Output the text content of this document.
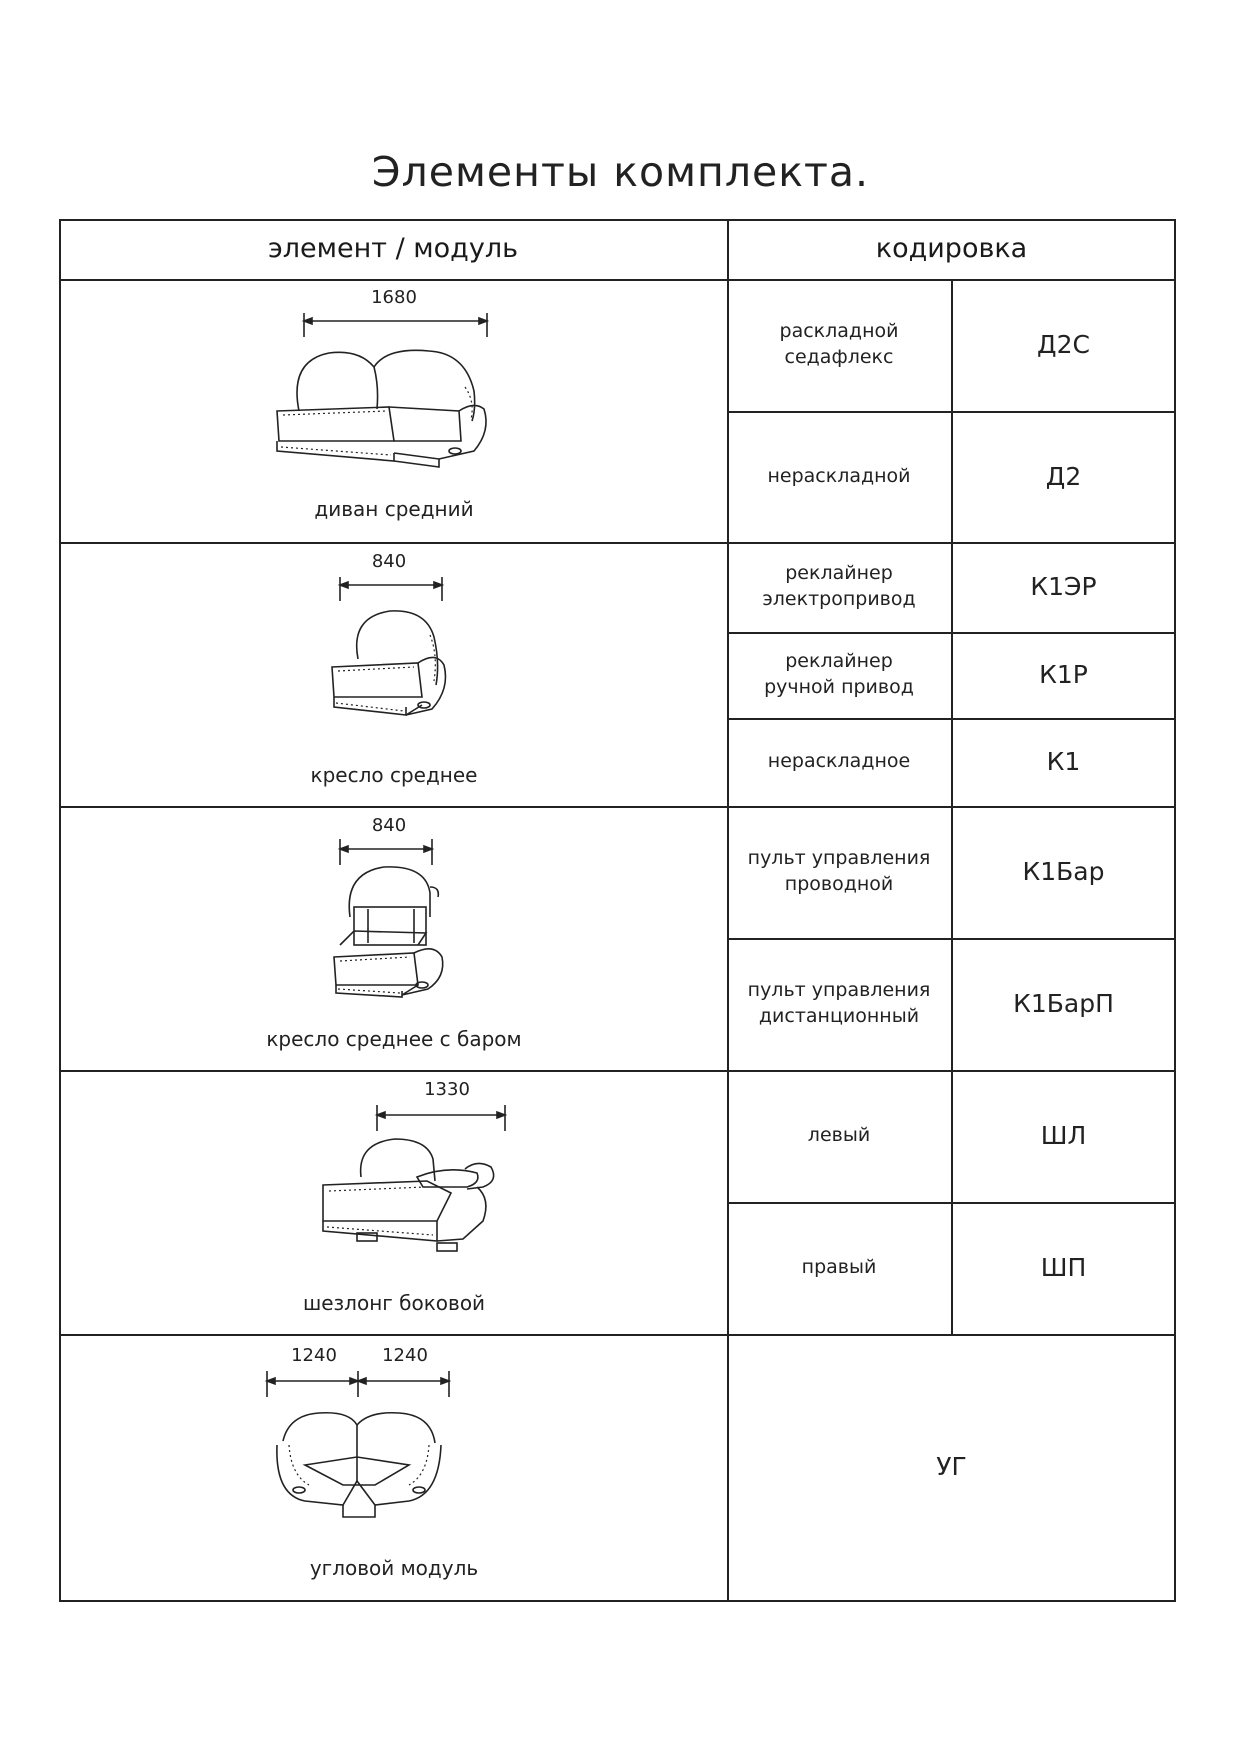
Элементы комплекта.
элемент / модуль	кодировка
1680
диван средний
раскладной
седафлекс	Д2С
нераскладной	Д2
840
кресло среднее
реклайнер
электропривод	К1ЭР
реклайнер
ручной привод	К1Р
нераскладное	К1
840
кресло среднее с баром
пульт управления
проводной	К1Бар
пульт управления
дистанционный	К1БарП
1330
шезлонг боковой
левый	ШЛ
правый	ШП
1240	1240
угловой модуль
УГ
